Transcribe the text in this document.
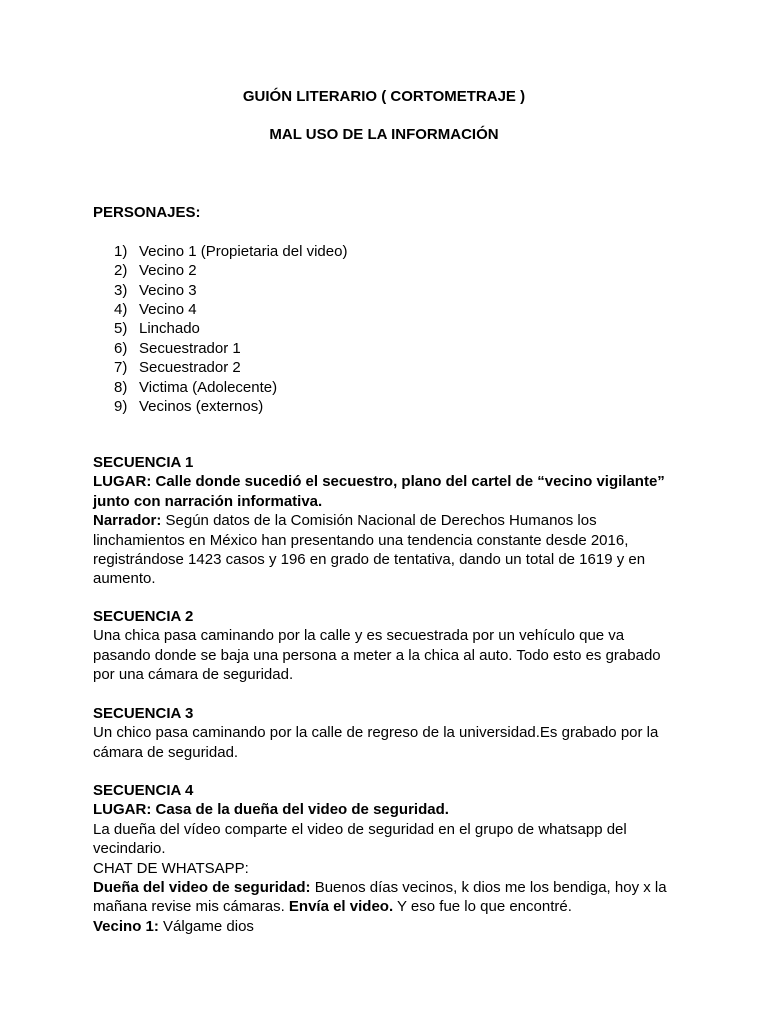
GUIÓN LITERARIO ( CORTOMETRAJE )
MAL USO DE LA INFORMACIÓN
PERSONAJES:
1) Vecino 1 (Propietaria del video)
2) Vecino 2
3) Vecino 3
4) Vecino 4
5) Linchado
6) Secuestrador 1
7) Secuestrador 2
8) Victima (Adolecente)
9) Vecinos (externos)
SECUENCIA 1

LUGAR: Calle donde sucedió el secuestro, plano del cartel de “vecino vigilante” junto con narración informativa.

Narrador: Según datos de la Comisión Nacional de Derechos Humanos los linchamientos en México han presentando una tendencia constante desde 2016, registrándose 1423 casos y 196 en grado de tentativa, dando un total de 1619 y en aumento.

SECUENCIA 2

Una chica pasa caminando por la calle y es secuestrada por un vehículo que va pasando donde se baja una persona a meter a la chica al auto. Todo esto es grabado por una cámara de seguridad.

SECUENCIA 3

Un chico pasa caminando por la calle de regreso de la universidad.Es grabado por la cámara de seguridad.

SECUENCIA 4

LUGAR: Casa de la dueña del video de seguridad.

La dueña del vídeo comparte el video de seguridad en el grupo de whatsapp del vecindario.

CHAT DE WHATSAPP:

Dueña del video de seguridad: Buenos días vecinos, k dios me los bendiga, hoy x la mañana revise mis cámaras. Envía el video. Y eso fue lo que encontré.

Vecino 1: Válgame dios
